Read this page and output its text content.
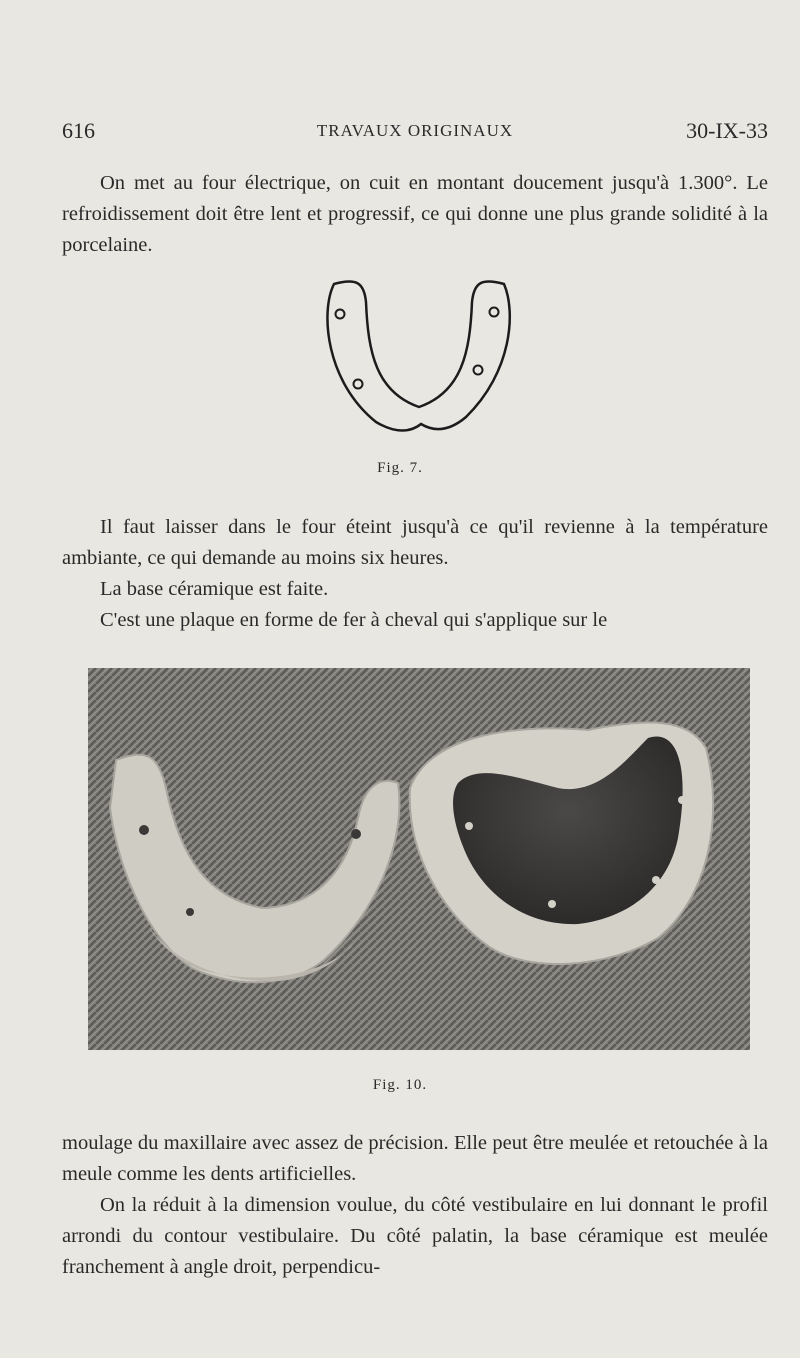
616	TRAVAUX ORIGINAUX	30-IX-33
On met au four électrique, on cuit en montant doucement jusqu'à 1.300°. Le refroidissement doit être lent et progressif, ce qui donne une plus grande solidité à la porcelaine.
Fig. 7.
Il faut laisser dans le four éteint jusqu'à ce qu'il revienne à la température ambiante, ce qui demande au moins six heures.
La base céramique est faite.
C'est une plaque en forme de fer à cheval qui s'applique sur le
Fig. 10.
moulage du maxillaire avec assez de précision. Elle peut être meulée et retouchée à la meule comme les dents artificielles.
On la réduit à la dimension voulue, du côté vestibulaire en lui donnant le profil arrondi du contour vestibulaire. Du côté palatin, la base céramique est meulée franchement à angle droit, perpendicu-
